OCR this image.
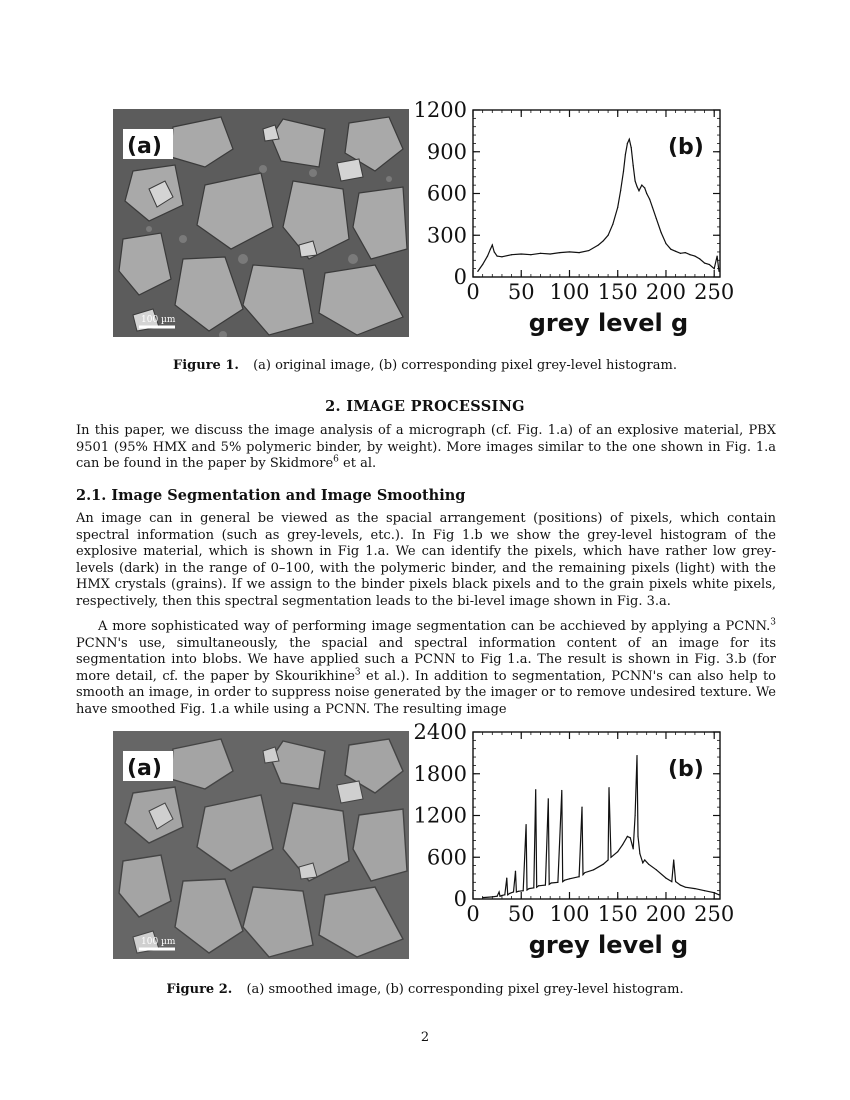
(a)
100 µm
0 50 100 150 200 250
0
300
600
900
1200
grey level g
(b)
Figure 1. (a) original image, (b) corresponding pixel grey-level histogram.
2. IMAGE PROCESSING

In this paper, we discuss the image analysis of a micrograph (cf. Fig. 1.a) of an explosive material, PBX 9501 (95% HMX and 5% polymeric binder, by weight). More images similar to the one shown in Fig. 1.a can be found in the paper by Skidmore$^6$ et al.

2.1. Image Segmentation and Image Smoothing

An image can in general be viewed as the spacial arrangement (positions) of pixels, which contain spectral information (such as grey-levels, etc.). In Fig 1.b we show the grey-level histogram of the explosive material, which is shown in Fig 1.a. We can identify the pixels, which have rather low grey-levels (dark) in the range of 0–100, with the polymeric binder, and the remaining pixels (light) with the HMX crystals (grains). If we assign to the binder pixels black pixels and to the grain pixels white pixels, respectively, then this spectral segmentation leads to the bi-level image shown in Fig. 3.a.

A more sophisticated way of performing image segmentation can be acchieved by applying a PCNN.$^3$ PCNN's use, simultaneously, the spacial and spectral information content of an image for its segmentation into blobs. We have applied such a PCNN to Fig 1.a. The result is shown in Fig. 3.b (for more detail, cf. the paper by Skourikhine$^3$ et al.). In addition to segmentation, PCNN's can also help to smooth an image, in order to suppress noise generated by the imager or to remove undesired texture. We have smoothed Fig. 1.a while using a PCNN. The resulting image

(a)
100 µm
0 50 100 150 200 250
0
600
1200
1800
2400
grey level g
(b)
Figure 2. (a) smoothed image, (b) corresponding pixel grey-level histogram.
2
